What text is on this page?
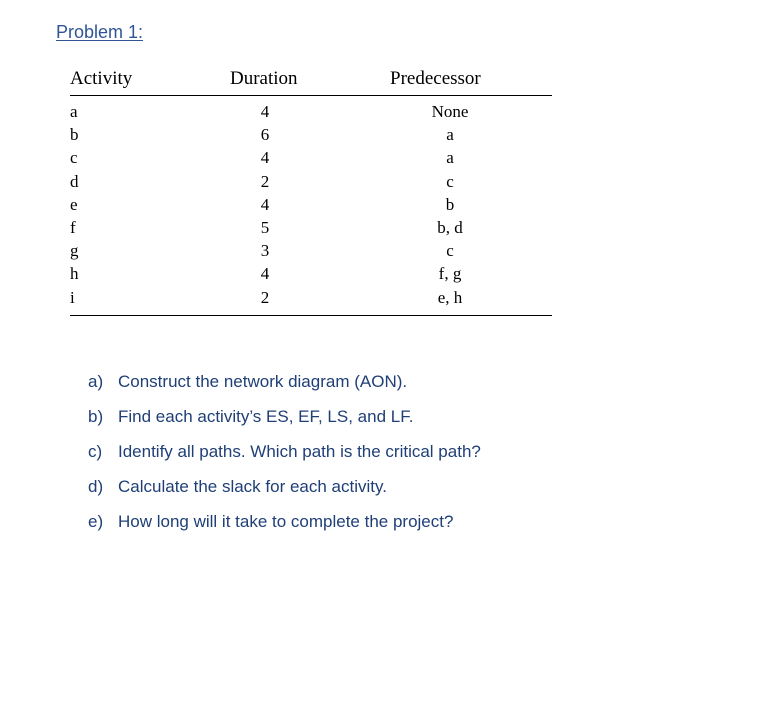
Problem 1:
Activity	Duration	Predecessor
a	4	None
b	6	a
c	4	a
d	2	c
e	4	b
f	5	b, d
g	3	c
h	4	f, g
i	2	e, h
a) Construct the network diagram (AON).
b) Find each activity’s ES, EF, LS, and LF.
c) Identify all paths. Which path is the critical path?
d) Calculate the slack for each activity.
e) How long will it take to complete the project?
